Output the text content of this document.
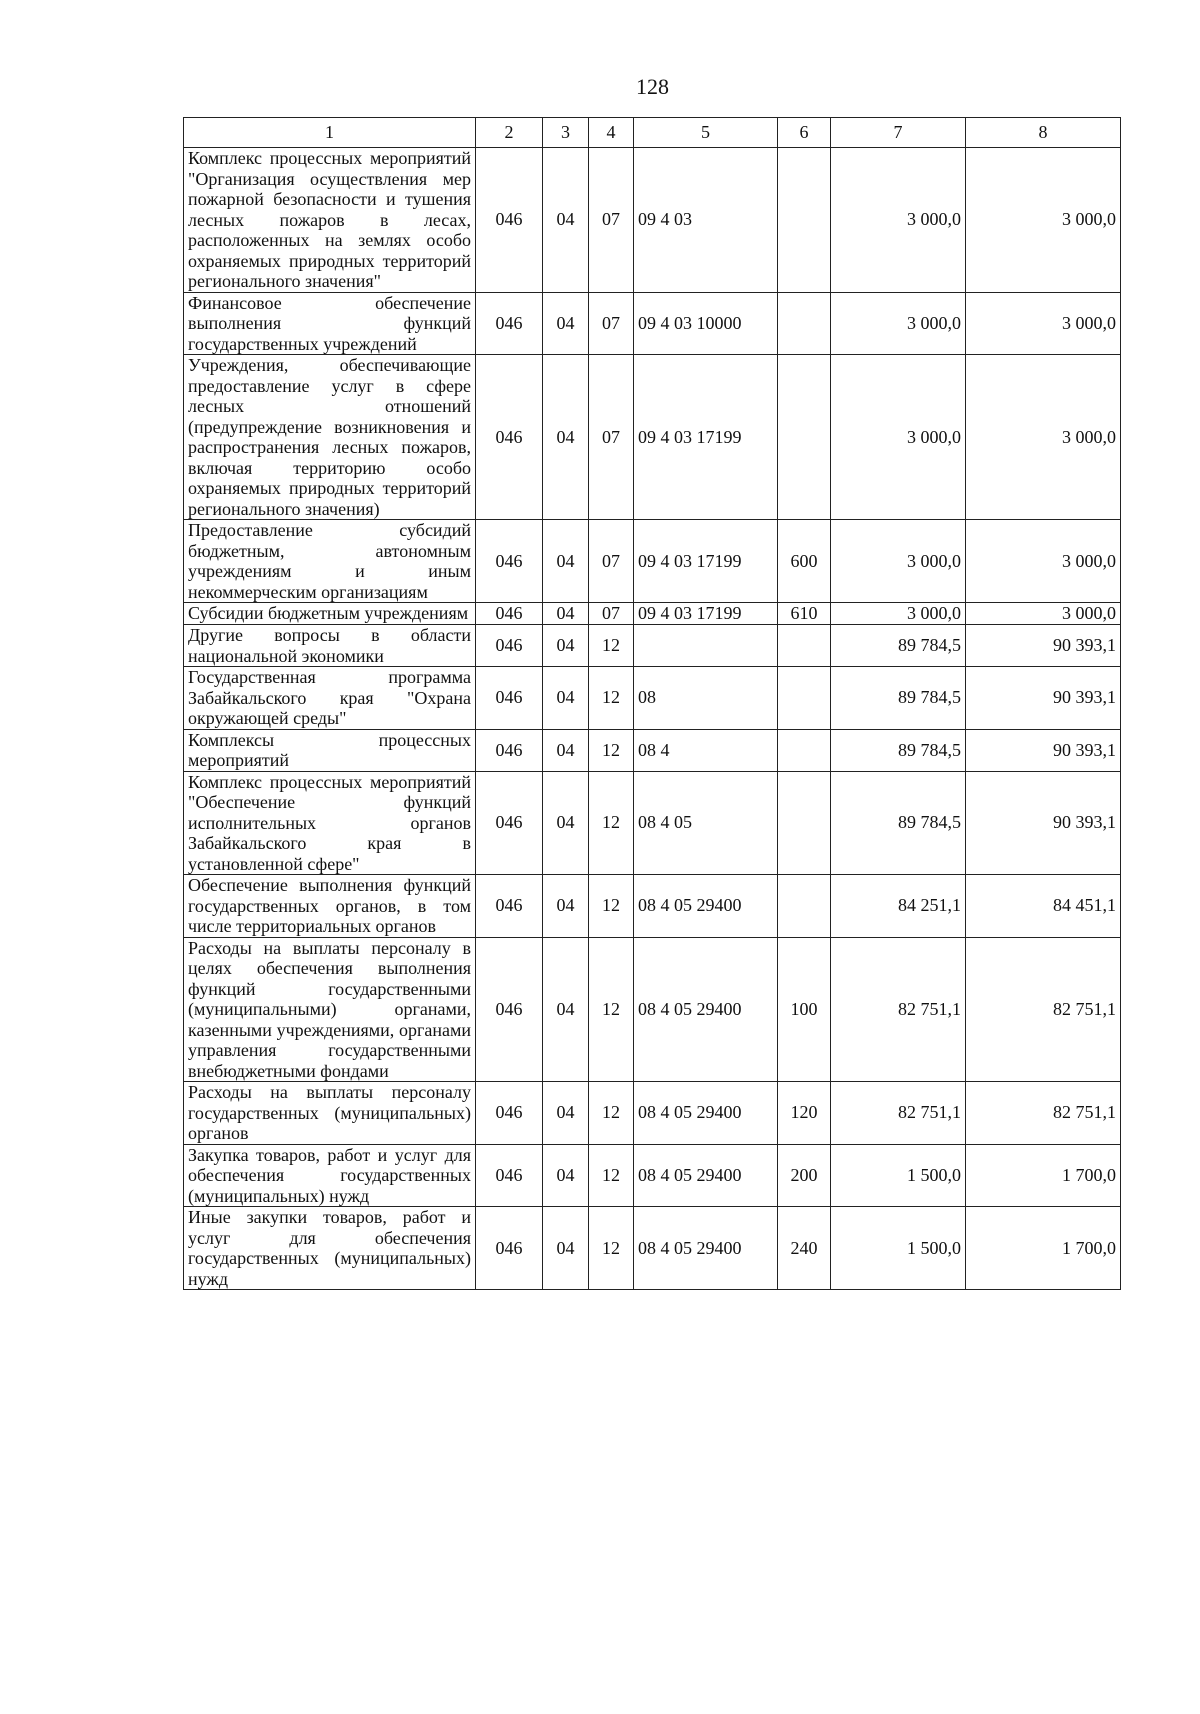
128
1	2	3	4	5	6	7	8
Комплекс процессных мероприятий "Организация осуществления мер пожарной безопасности и тушения лесных пожаров в лесах, расположенных на землях особо охраняемых природных территорий регионального значения"	046	04	07	09 4 03		3 000,0	3 000,0
Финансовое обеспечение выполнения функций государственных учреждений	046	04	07	09 4 03 10000		3 000,0	3 000,0
Учреждения, обеспечивающие предоставление услуг в сфере лесных отношений (предупреждение возникновения и распространения лесных пожаров, включая территорию особо охраняемых природных территорий регионального значения)	046	04	07	09 4 03 17199		3 000,0	3 000,0
Предоставление субсидий бюджетным, автономным учреждениям и иным некоммерческим организациям	046	04	07	09 4 03 17199	600	3 000,0	3 000,0
Субсидии бюджетным учреждениям	046	04	07	09 4 03 17199	610	3 000,0	3 000,0
Другие вопросы в области национальной экономики	046	04	12			89 784,5	90 393,1
Государственная программа Забайкальского края "Охрана окружающей среды"	046	04	12	08		89 784,5	90 393,1
Комплексы процессных мероприятий	046	04	12	08 4		89 784,5	90 393,1
Комплекс процессных мероприятий "Обеспечение функций исполнительных органов Забайкальского края в установленной сфере"	046	04	12	08 4 05		89 784,5	90 393,1
Обеспечение выполнения функций государственных органов, в том числе территориальных органов	046	04	12	08 4 05 29400		84 251,1	84 451,1
Расходы на выплаты персоналу в целях обеспечения выполнения функций государственными (муниципальными) органами, казенными учреждениями, органами управления государственными внебюджетными фондами	046	04	12	08 4 05 29400	100	82 751,1	82 751,1
Расходы на выплаты персоналу государственных (муниципальных) органов	046	04	12	08 4 05 29400	120	82 751,1	82 751,1
Закупка товаров, работ и услуг для обеспечения государственных (муниципальных) нужд	046	04	12	08 4 05 29400	200	1 500,0	1 700,0
Иные закупки товаров, работ и услуг для обеспечения государственных (муниципальных) нужд	046	04	12	08 4 05 29400	240	1 500,0	1 700,0
